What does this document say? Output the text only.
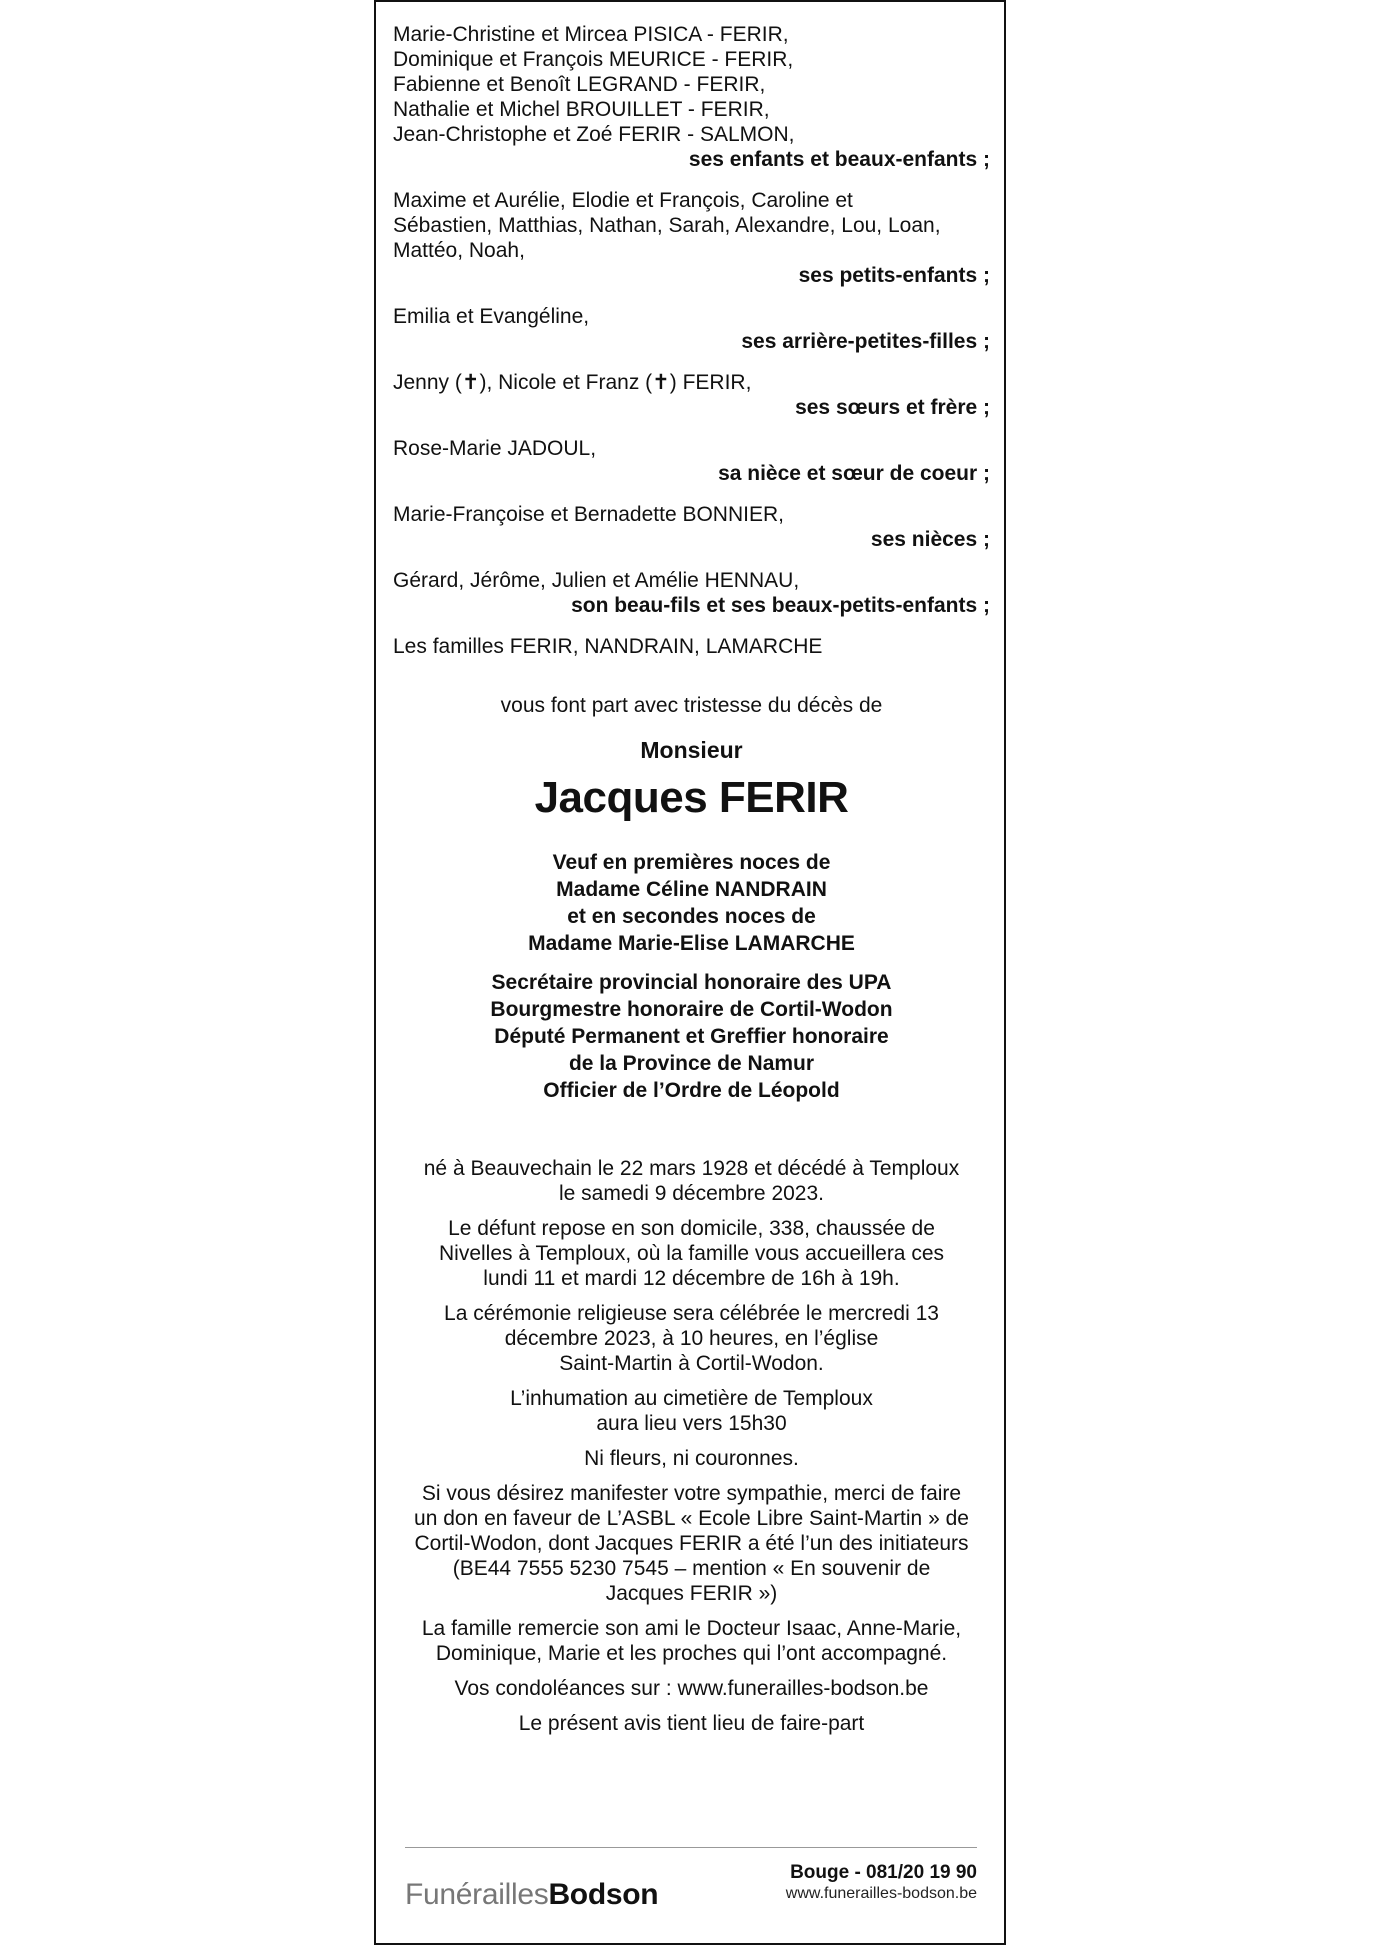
Marie-Christine et Mircea PISICA - FERIR,
Dominique et François MEURICE - FERIR,
Fabienne et Benoît LEGRAND - FERIR,
Nathalie et Michel BROUILLET - FERIR,
Jean-Christophe et Zoé FERIR - SALMON,
ses enfants et beaux-enfants ;
Maxime et Aurélie, Elodie et François, Caroline et
Sébastien, Matthias, Nathan, Sarah, Alexandre, Lou, Loan,
Mattéo, Noah,
ses petits-enfants ;
Emilia et Evangéline,
ses arrière-petites-filles ;
Jenny (✝), Nicole et Franz (✝) FERIR,
ses sœurs et frère ;
Rose-Marie JADOUL,
sa nièce et sœur de coeur ;
Marie-Françoise et Bernadette BONNIER,
ses nièces ;
Gérard, Jérôme, Julien et Amélie HENNAU,
son beau-fils et ses beaux-petits-enfants ;
Les familles FERIR, NANDRAIN, LAMARCHE
vous font part avec tristesse du décès de
Monsieur
Jacques FERIR
Veuf en premières noces de
Madame Céline NANDRAIN
et en secondes noces de
Madame Marie-Elise LAMARCHE
Secrétaire provincial honoraire des UPA
Bourgmestre honoraire de Cortil-Wodon
Député Permanent et Greffier honoraire
de la Province de Namur
Officier de l’Ordre de Léopold
né à Beauvechain le 22 mars 1928 et décédé à Temploux
le samedi 9 décembre 2023.
Le défunt repose en son domicile, 338, chaussée de
Nivelles à Temploux, où la famille vous accueillera ces
lundi 11 et mardi 12 décembre de 16h à 19h.
La cérémonie religieuse sera célébrée le mercredi 13
décembre 2023, à 10 heures, en l’église
Saint-Martin à Cortil-Wodon.
L’inhumation au cimetière de Temploux
aura lieu vers 15h30
Ni fleurs, ni couronnes.
Si vous désirez manifester votre sympathie, merci de faire
un don en faveur de L’ASBL « Ecole Libre Saint-Martin » de
Cortil-Wodon, dont Jacques FERIR a été l’un des initiateurs
(BE44 7555 5230 7545 – mention « En souvenir de
Jacques FERIR »)
La famille remercie son ami le Docteur Isaac, Anne-Marie,
Dominique, Marie et les proches qui l’ont accompagné.
Vos condoléances sur : www.funerailles-bodson.be
Le présent avis tient lieu de faire-part
FunéraillesBodson
Bouge - 081/20 19 90
www.funerailles-bodson.be
